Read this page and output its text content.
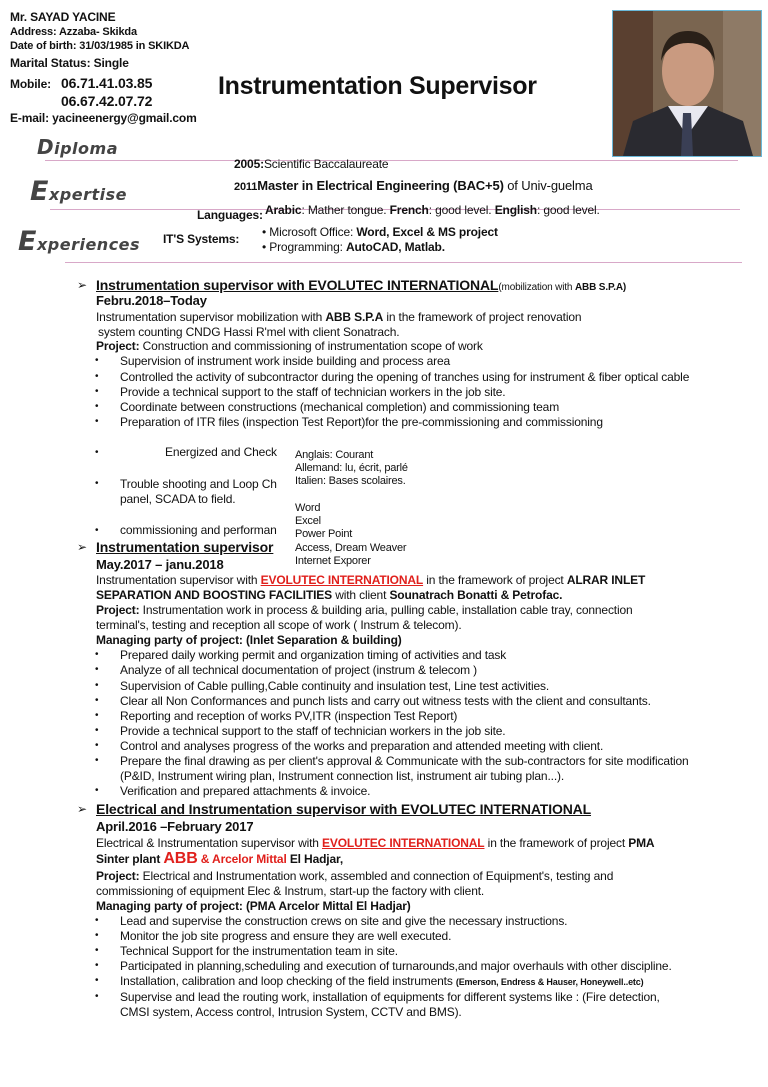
Mr. SAYAD YACINE
Address: Azzaba- Skikda
Date of birth: 31/03/1985 in SKIKDA
Marital Status: Single
Mobile: 06.71.41.03.85
06.67.42.07.72
E-mail: yacineenergy@gmail.com
Instrumentation Supervisor
Diploma
Expertise
Experiences
2005:Scientific Baccalaureate
2011Master in Electrical Engineering (BAC+5) of Univ-guelma
Languages: Arabic: Mather tongue. French: good level. English: good level.
IT'S Systems: • Microsoft Office: Word, Excel & MS project
• Programming: AutoCAD, Matlab.
➢ Instrumentation supervisor with EVOLUTEC INTERNATIONAL(mobilization with ABB S.P.A)
Febru.2018–Today
Instrumentation supervisor mobilization with ABB S.P.A in the framework of project renovation
system counting CNDG Hassi R'mel with client Sonatrach.
Project: Construction and commissioning of instrumentation scope of work
• Supervision of instrument work inside building and process area
• Controlled the activity of subcontractor during the opening of tranches using for instrument & fiber optical cable
• Provide a technical support to the staff of technician workers in the job site.
• Coordinate between constructions (mechanical completion) and commissioning team
• Preparation of ITR files (inspection Test Report)for the pre-commissioning and commissioning
•	Energized and Check
• Trouble shooting and Loop Ch
panel, SCADA to field.
• commissioning and performan
Anglais: Courant
Allemand: lu, écrit, parlé
Italien: Bases scolaires.
Word
Excel
Power Point
Access, Dream Weaver
Internet Exporer
➢ Instrumentation supervisor
May.2017 – janu.2018
Instrumentation supervisor with EVOLUTEC INTERNATIONAL in the framework of project ALRAR INLET
SEPARATION AND BOOSTING FACILITIES with client Sounatrach Bonatti & Petrofac.
Project: Instrumentation work in process & building aria, pulling cable, installation cable tray, connection
terminal's, testing and reception all scope of work ( Instrum & telecom).
Managing party of project: (Inlet Separation & building)
• Prepared daily working permit and organization timing of activities and task
• Analyze of all technical documentation of project (instrum & telecom )
• Supervision of Cable pulling,Cable continuity and insulation test, Line test activities.
• Clear all Non Conformances and punch lists and carry out witness tests with the client and consultants.
• Reporting and reception of works PV,ITR (inspection Test Report)
• Provide a technical support to the staff of technician workers in the job site.
• Control and analyses progress of the works and preparation and attended meeting with client.
• Prepare the final drawing as per client's approval & Communicate with the sub-contractors for site modification
(P&ID, Instrument wiring plan, Instrument connection list, instrument air tubing plan...).
• Verification and prepared attachments & invoice.
➢ Electrical and Instrumentation supervisor with EVOLUTEC INTERNATIONAL
April.2016 –February 2017
Electrical & Instrumentation supervisor with EVOLUTEC INTERNATIONAL in the framework of project PMA
Sinter plant ABB & Arcelor Mittal El Hadjar,
Project: Electrical and Instrumentation work, assembled and connection of Equipment's, testing and
commissioning of equipment Elec & Instrum, start-up the factory with client.
Managing party of project: (PMA Arcelor Mittal El Hadjar)
• Lead and supervise the construction crews on site and give the necessary instructions.
• Monitor the job site progress and ensure they are well executed.
• Technical Support for the instrumentation team in site.
• Participated in planning,scheduling and execution of turnarounds,and major overhauls with other discipline.
• Installation, calibration and loop checking of the field instruments (Emerson, Endress & Hauser, Honeywell..etc)
• Supervise and lead the routing work, installation of equipments for different systems like : (Fire detection,
CMSI system, Access control, Intrusion System, CCTV and BMS).
